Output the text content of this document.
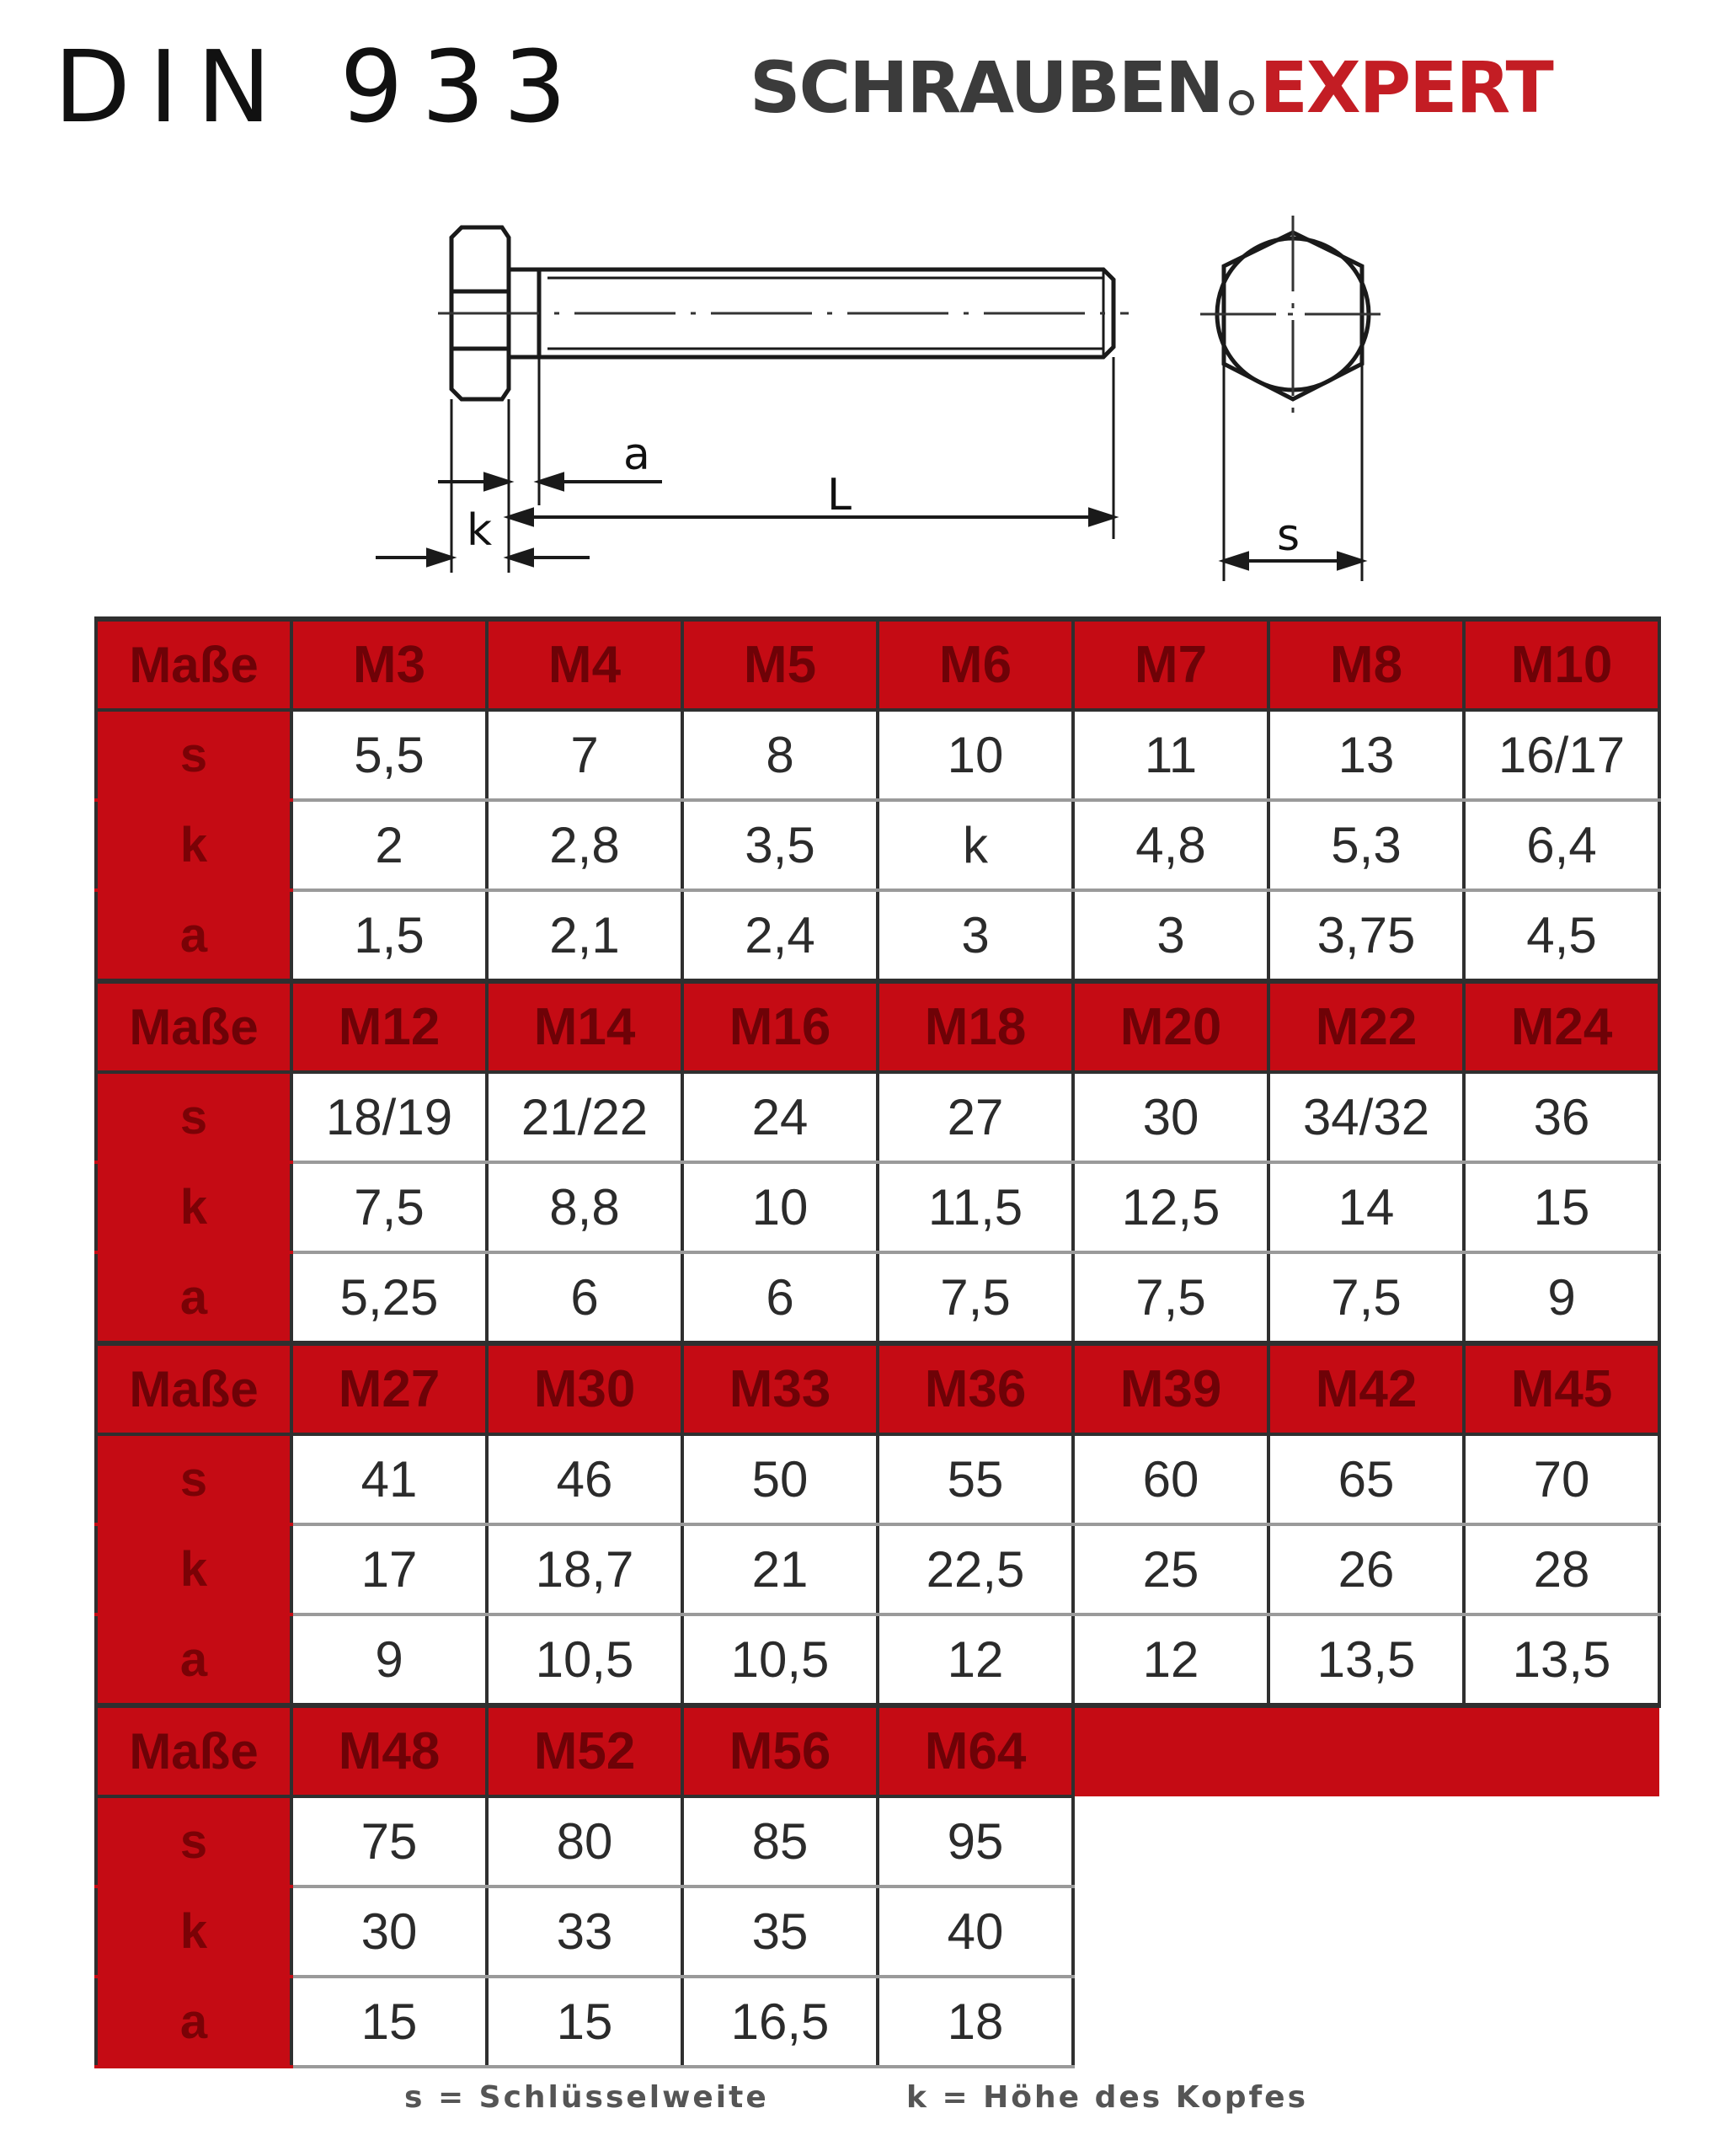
DIN 933 SCHRAUBEN EXPERT
a
L
k	s
Maße	M3	M4	M5	M6	M7	M8	M10
s	5,5	7	8	10	11	13	16/17
k	2	2,8	3,5	k	4,8	5,3	6,4
a	1,5	2,1	2,4	3	3	3,75	4,5
Maße	M12	M14	M16	M18	M20	M22	M24
s	18/19	21/22	24	27	30	34/32	36
k	7,5	8,8	10	11,5	12,5	14	15
a	5,25	6	6	7,5	7,5	7,5	9
Maße	M27	M30	M33	M36	M39	M42	M45
s	41	46	50	55	60	65	70
k	17	18,7	21	22,5	25	26	28
a	9	10,5	10,5	12	12	13,5	13,5
Maße	M48	M52	M56	M64			
s	75	80	85	95			
k	30	33	35	40			
a	15	15	16,5	18			
s = Schlüsselweite	k = Höhe des Kopfes
